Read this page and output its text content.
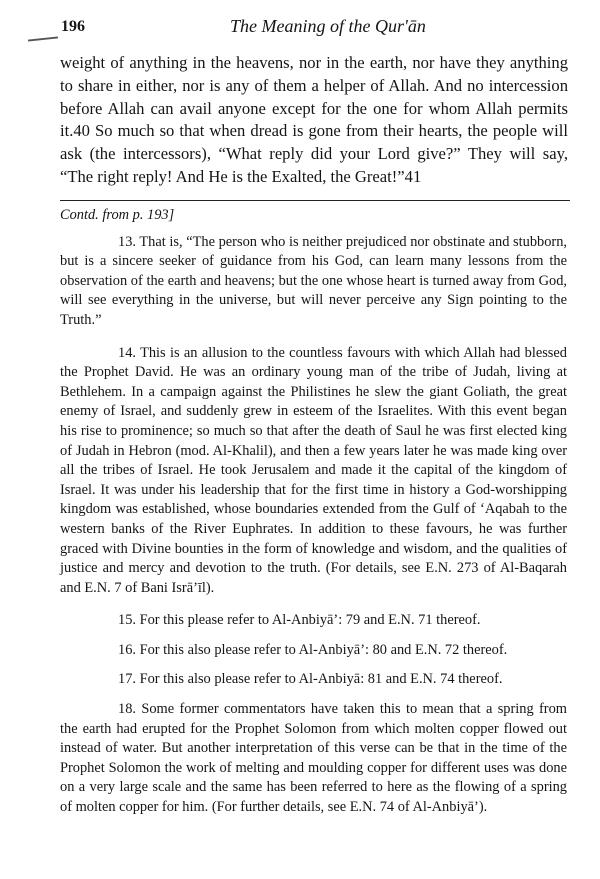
196	The Meaning of the Qur'ān

weight of anything in the heavens, nor in the earth, nor have they anything to share in either, nor is any of them a helper of Allah. And no intercession before Allah can avail anyone except for the one for whom Allah permits it.40 So much so that when dread is gone from their hearts, the people will ask (the intercessors), “What reply did your Lord give?” They will say, “The right reply! And He is the Exalted, the Great!”41

Contd. from p. 193]

13. That is, “The person who is neither prejudiced nor obstinate and stubborn, but is a sincere seeker of guidance from his God, can learn many lessons from the observation of the earth and heavens; but the one whose heart is turned away from God, will see everything in the universe, but will never perceive any Sign pointing to the Truth.”

14. This is an allusion to the countless favours with which Allah had blessed the Prophet David. He was an ordinary young man of the tribe of Judah, living at Bethlehem. In a campaign against the Philistines he slew the giant Goliath, the great enemy of Israel, and suddenly grew in esteem of the Israelites. With this event began his rise to prominence; so much so that after the death of Saul he was first elected king of Judah in Hebron (mod. Al-Khalil), and then a few years later he was made king over all the tribes of Israel. He took Jerusalem and made it the capital of the kingdom of Israel. It was under his leadership that for the first time in history a God-worshipping kingdom was established, whose boundaries extended from the Gulf of ‘Aqabah to the western banks of the River Euphrates. In addition to these favours, he was further graced with Divine bounties in the form of knowledge and wisdom, and the qualities of justice and mercy and devotion to the truth. (For details, see E.N. 273 of Al-Baqarah and E.N. 7 of Bani Isrā’īl).

15. For this please refer to Al-Anbiyā’: 79 and E.N. 71 thereof.

16. For this also please refer to Al-Anbiyā’: 80 and E.N. 72 thereof.

17. For this also please refer to Al-Anbiyā: 81 and E.N. 74 thereof.

18. Some former commentators have taken this to mean that a spring from the earth had erupted for the Prophet Solomon from which molten copper flowed out instead of water. But another interpretation of this verse can be that in the time of the Prophet Solomon the work of melting and moulding copper for different uses was done on a very large scale and the same has been referred to here as the flowing of a spring of molten copper for him. (For further details, see E.N. 74 of Al-Anbiyā’).
